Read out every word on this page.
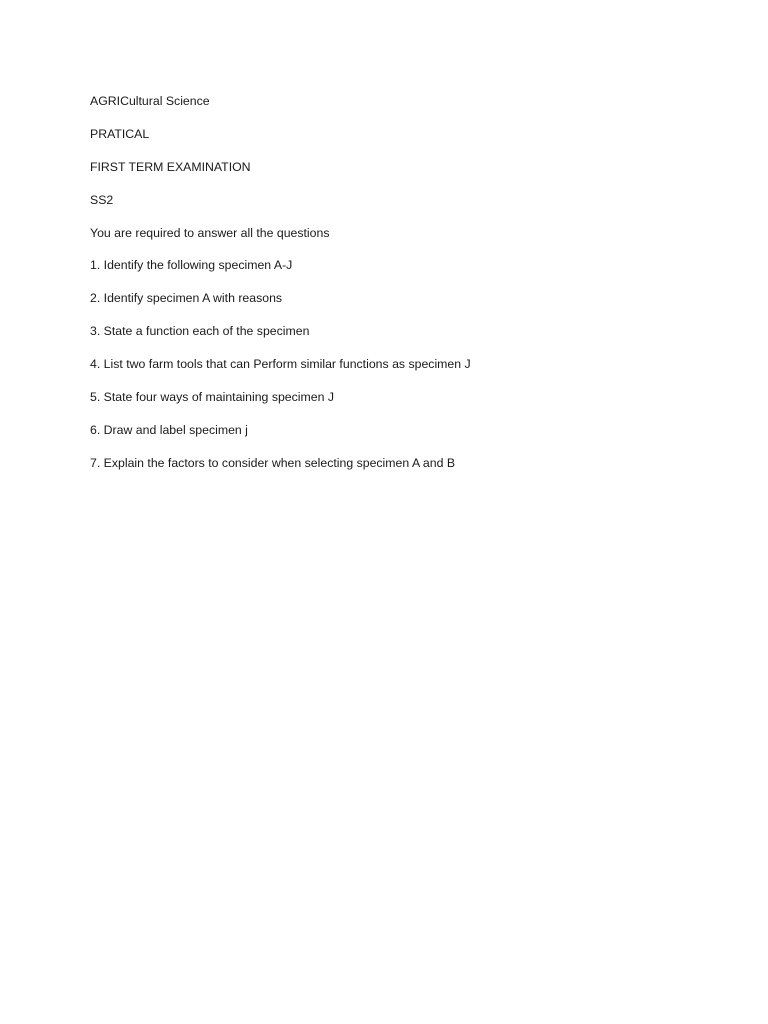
AGRICultural Science

PRATICAL

FIRST TERM EXAMINATION

SS2

You are required to answer all the questions

1. Identify the following specimen A-J

2. Identify specimen A with reasons

3. State a function each of the specimen

4. List two farm tools that can Perform similar functions as specimen J

5. State four ways of maintaining specimen J

6. Draw and label specimen j

7. Explain the factors to consider when selecting specimen A and B
